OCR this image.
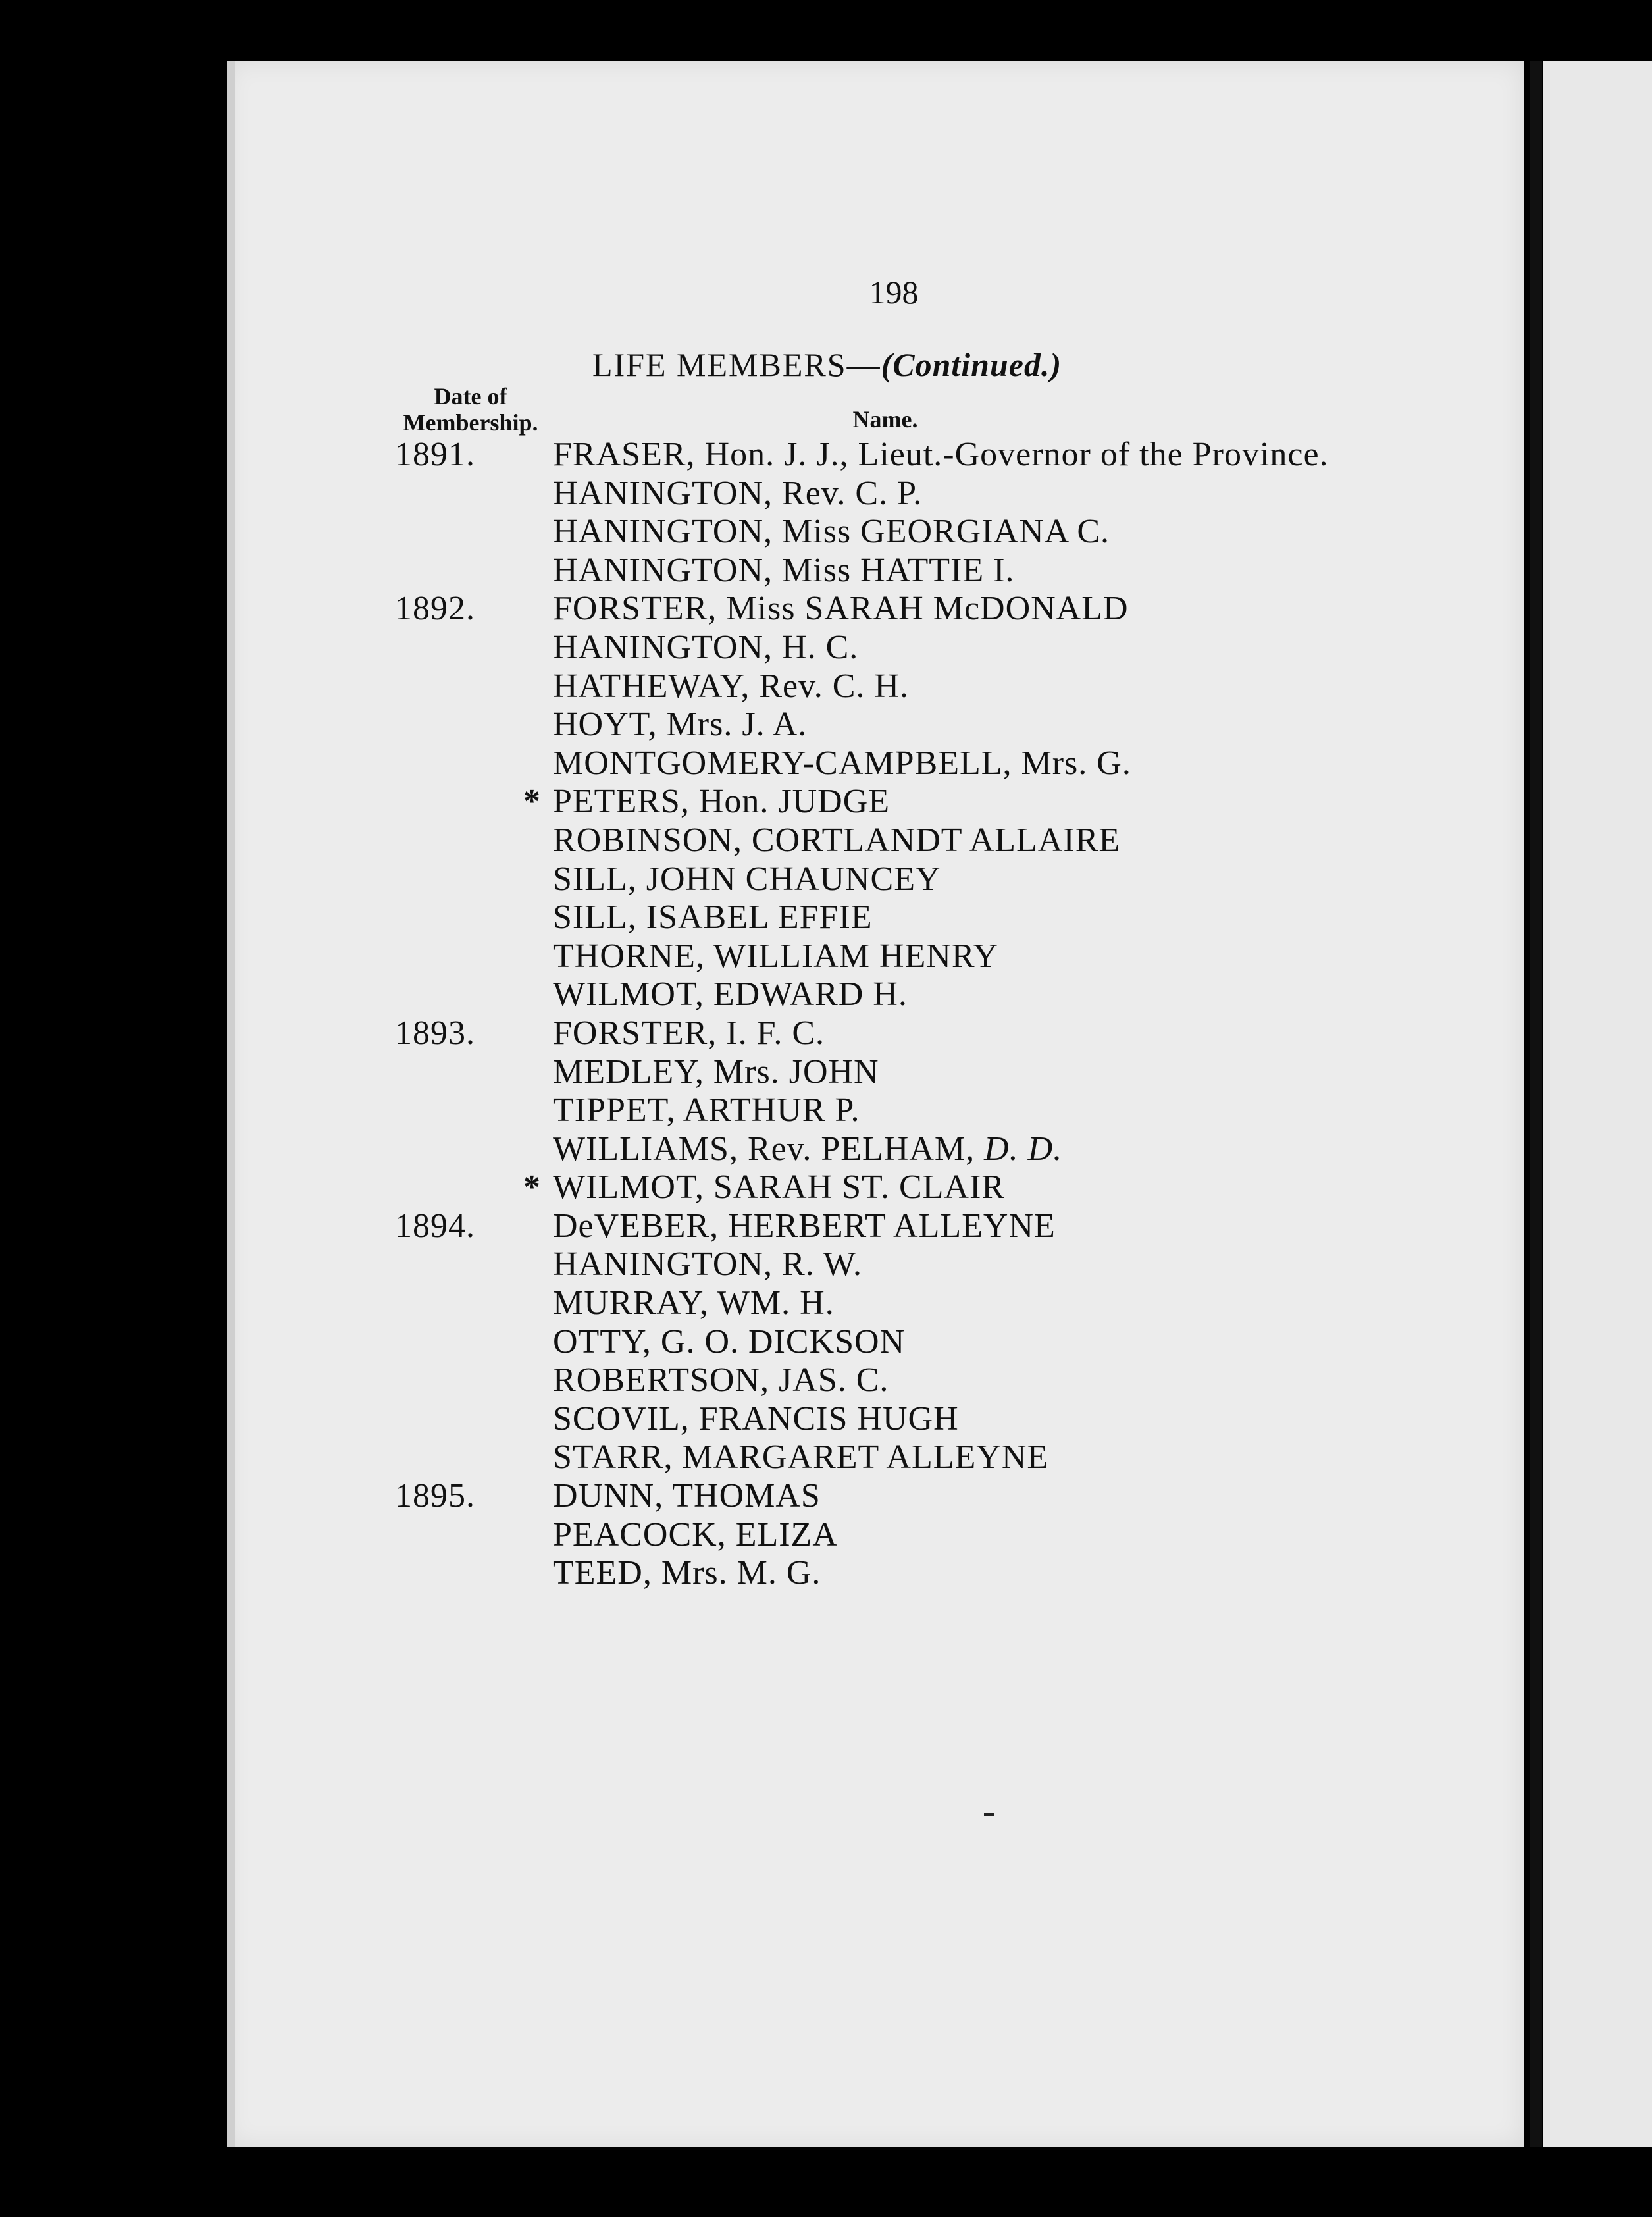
198
LIFE MEMBERS—(Continued.)
Date of
Membership.	Name.
1891. FRASER, Hon. J. J., Lieut.-Governor of the Province.
HANINGTON, Rev. C. P.
HANINGTON, Miss GEORGIANA C.
HANINGTON, Miss HATTIE I.
1892. FORSTER, Miss SARAH McDONALD
HANINGTON, H. C.
HATHEWAY, Rev. C. H.
HOYT, Mrs. J. A.
MONTGOMERY-CAMPBELL, Mrs. G.
* PETERS, Hon. JUDGE
ROBINSON, CORTLANDT ALLAIRE
SILL, JOHN CHAUNCEY
SILL, ISABEL EFFIE
THORNE, WILLIAM HENRY
WILMOT, EDWARD H.
1893. FORSTER, I. F. C.
MEDLEY, Mrs. JOHN
TIPPET, ARTHUR P.
WILLIAMS, Rev. PELHAM, D. D.
* WILMOT, SARAH ST. CLAIR
1894. DeVEBER, HERBERT ALLEYNE
HANINGTON, R. W.
MURRAY, WM. H.
OTTY, G. O. DICKSON
ROBERTSON, JAS. C.
SCOVIL, FRANCIS HUGH
STARR, MARGARET ALLEYNE
1895. DUNN, THOMAS
PEACOCK, ELIZA
TEED, Mrs. M. G.
